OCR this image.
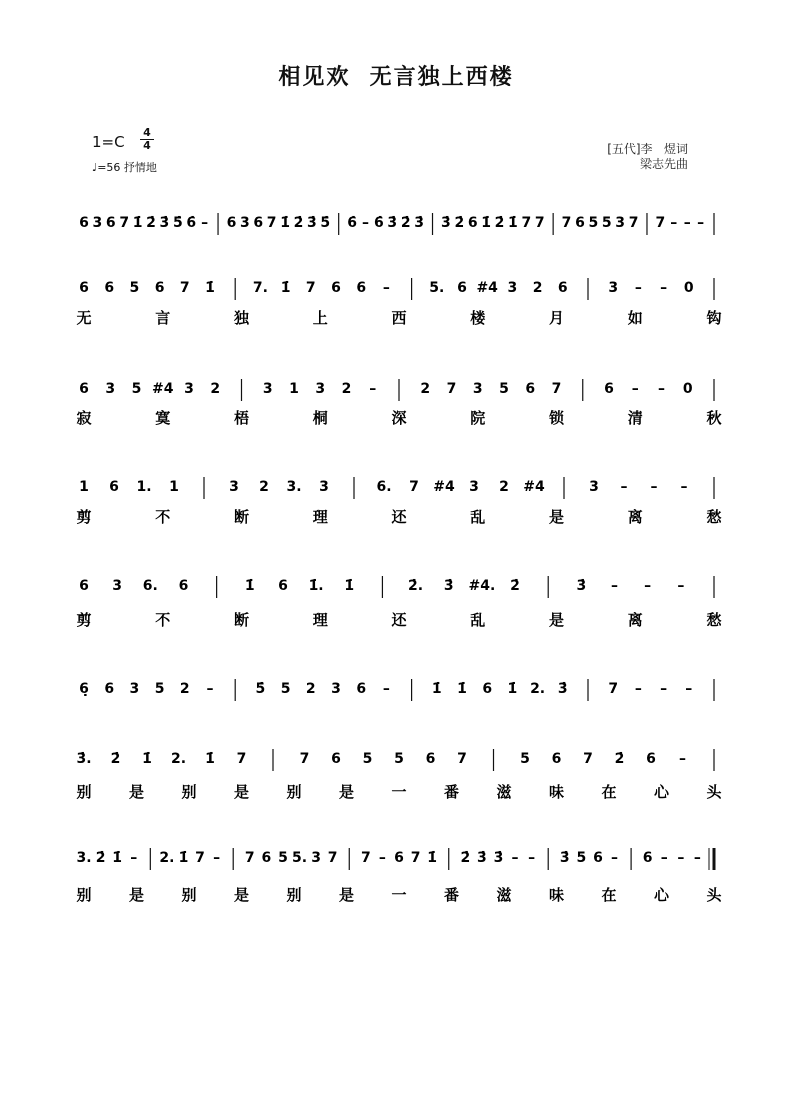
相见欢  无言独上西楼
1=C
4
4
♩=56 抒情地
[五代]李   煜词
梁志先曲
6 3 6 7 1̇ 2̇ 3̇ 5̇ 6̇ – 6 3 6 7 1̇ 2̇ 3̇ 5̇ 6̇ – 6̇ 3̇ 2̇ 3̇ 3̇ 2̇ 6 1̇ 2̇ 1̇ 7 7 7 6 5 5 3 7 7 – – –
6 6 5 6 7 1̇	7. 1̇ 7 6 6 –	5. 6 #4 3 2 6	3 – – 0
无	言	独	上	西	楼	月	如	钩
6 3 5 #4 3 2	3 1 3 2 –	2 7 3 5 6 7	6 – – 0
寂	寞	梧	桐	深	院	锁	清	秋
1 6 1. 1	3 2 3. 3	6. 7 #4 3 2 #4	3 – – –
剪	不	断	理	还	乱	是	离	愁
6 3 6. 6	1̇ 6 1̇. 1̇	2̇. 3̇ #4. 2̇	3̇ – – –
剪	不	断	理	还	乱	是	离	愁
6̣ 6 3 5 2 –	5̇ 5 2 3 6 –	1̇ 1̇ 6 1̇ 2. 3̇	7 – – –
3̇. 2̇ 1̇ 2. 1̇ 7	7 6 5 5 6 7	5 6 7 2̇ 6 –
别 是 别 是 别 是 一 番 滋 味 在 心 头
3. 2̇ 1̇ – 2. 1̇ 7 – 7 6 5 5. 3 7 7 – 6 7 1̇ 2̇ 3̇ 3̇ – – 3̇ 5 6 – 6 – – –
别 是 别 是 别 是 一 番 滋 味 在 心 头
